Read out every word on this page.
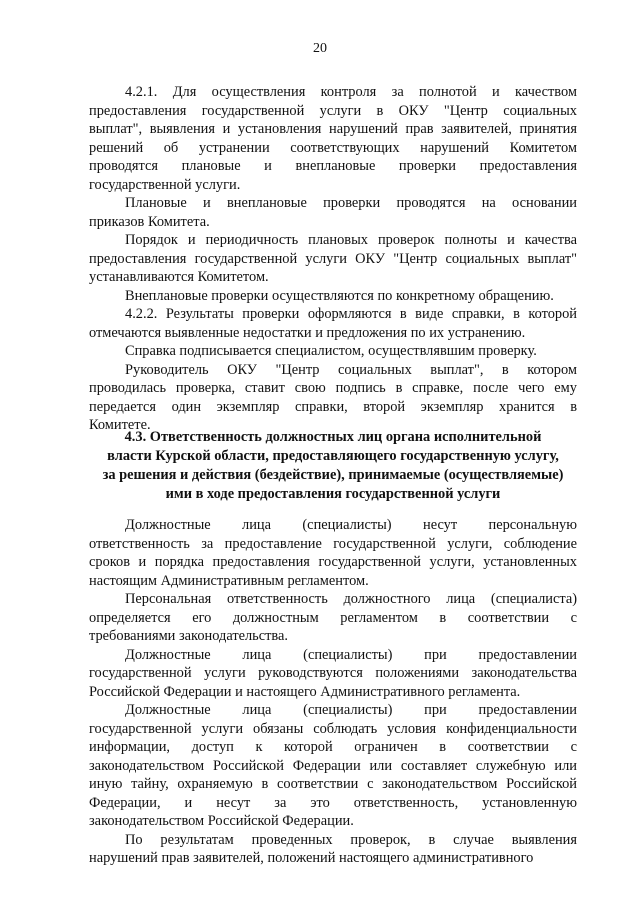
20
4.2.1. Для осуществления контроля за полнотой и качеством
предоставления государственной услуги в ОКУ "Центр социальных
выплат", выявления и установления нарушений прав заявителей, принятия
решений об устранении соответствующих нарушений Комитетом
проводятся плановые и внеплановые проверки предоставления
государственной услуги.
Плановые и внеплановые проверки проводятся на основании
приказов Комитета.
Порядок и периодичность плановых проверок полноты и качества
предоставления государственной услуги ОКУ "Центр социальных выплат"
устанавливаются Комитетом.
Внеплановые проверки осуществляются по конкретному обращению.
4.2.2. Результаты проверки оформляются в виде справки, в которой
отмечаются выявленные недостатки и предложения по их устранению.
Справка подписывается специалистом, осуществлявшим проверку.
Руководитель ОКУ "Центр социальных выплат", в котором
проводилась проверка, ставит свою подпись в справке, после чего ему
передается один экземпляр справки, второй экземпляр хранится в
Комитете.
4.3. Ответственность должностных лиц органа исполнительной
власти Курской области, предоставляющего государственную услугу,
за решения и действия (бездействие), принимаемые (осуществляемые)
ими в ходе предоставления государственной услуги
Должностные лица (специалисты) несут персональную
ответственность за предоставление государственной услуги, соблюдение
сроков и порядка предоставления государственной услуги, установленных
настоящим Административным регламентом.
Персональная ответственность должностного лица (специалиста)
определяется его должностным регламентом в соответствии с
требованиями законодательства.
Должностные лица (специалисты) при предоставлении
государственной услуги руководствуются положениями законодательства
Российской Федерации и настоящего Административного регламента.
Должностные лица (специалисты) при предоставлении
государственной услуги обязаны соблюдать условия конфиденциальности
информации, доступ к которой ограничен в соответствии с
законодательством Российской Федерации или составляет служебную или
иную тайну, охраняемую в соответствии с законодательством Российской
Федерации, и несут за это ответственность, установленную
законодательством Российской Федерации.
По результатам проведенных проверок, в случае выявления
нарушений прав заявителей, положений настоящего административного
